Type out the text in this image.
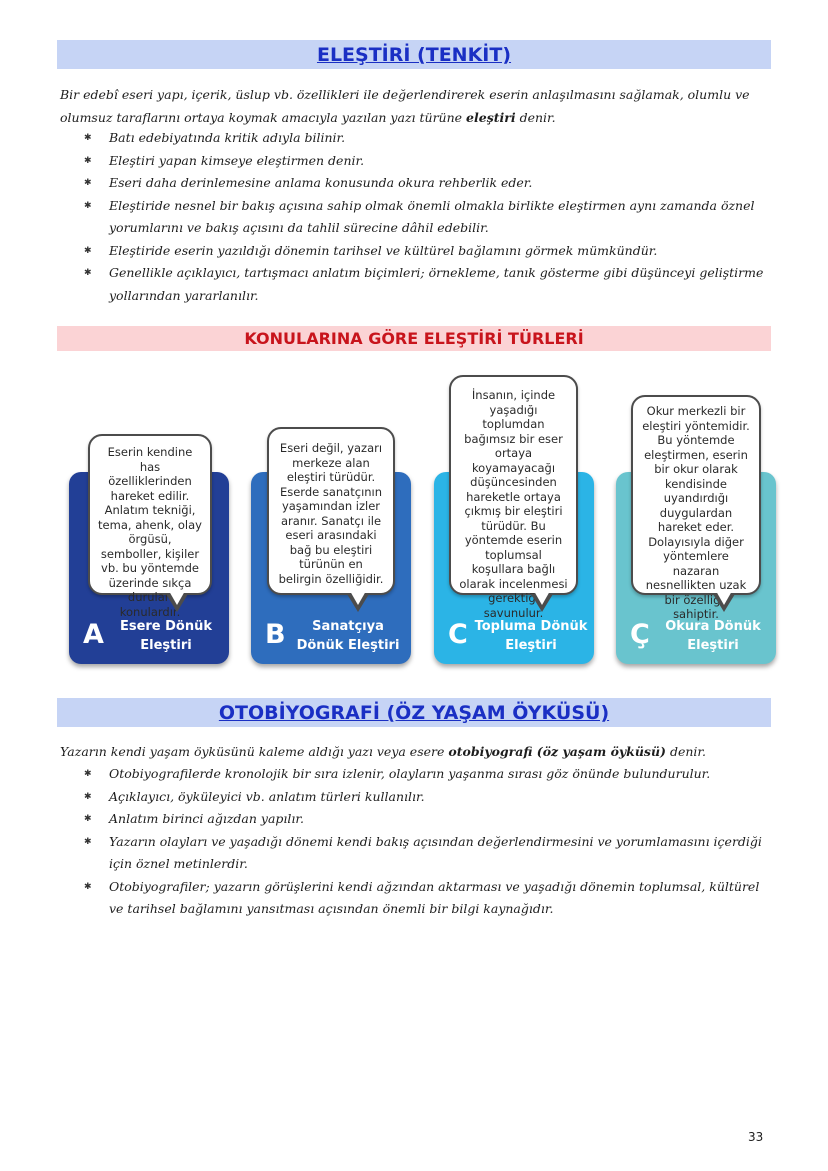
ELEŞTİRİ (TENKİT)

Bir edebî eseri yapı, içerik, üslup vb. özellikleri ile değerlendirerek eserin anlaşılmasını sağlamak, olumlu ve olumsuz taraflarını ortaya koymak amacıyla yazılan yazı türüne eleştiri denir.

✱ Batı edebiyatında kritik adıyla bilinir.
✱ Eleştiri yapan kimseye eleştirmen denir.
✱ Eseri daha derinlemesine anlama konusunda okura rehberlik eder.
✱ Eleştiride nesnel bir bakış açısına sahip olmak önemli olmakla birlikte eleştirmen aynı zamanda öznel yorumlarını ve bakış açısını da tahlil sürecine dâhil edebilir.
✱ Eleştiride eserin yazıldığı dönemin tarihsel ve kültürel bağlamını görmek mümkündür.
✱ Genellikle açıklayıcı, tartışmacı anlatım biçimleri; örnekleme, tanık gösterme gibi düşünceyi geliştirme yollarından yararlanılır.
KONULARINA GÖRE ELEŞTİRİ TÜRLERİ
A	Esere Dönük Eleştiri	B	Sanatçıya Dönük Eleştiri C Topluma Dönük Eleştiri	Ç	Okura Dönük Eleştiri
Eserin kendine has özelliklerinden hareket edilir. Anlatım tekniği, tema, ahenk, olay örgüsü, semboller, kişiler vb. bu yöntemde üzerinde sıkça durulan konulardır.
Eseri değil, yazarı merkeze alan eleştiri türüdür. Eserde sanatçının yaşamından izler aranır. Sanatçı ile eseri arasındaki bağ bu eleştiri türünün en belirgin özelliğidir.
İnsanın, içinde yaşadığı toplumdan bağımsız bir eser ortaya koyamayacağı düşüncesinden hareketle ortaya çıkmış bir eleştiri türüdür. Bu yöntemde eserin toplumsal koşullara bağlı olarak incelenmesi gerektiği savunulur.
Okur merkezli bir eleştiri yöntemidir. Bu yöntemde eleştirmen, eserin bir okur olarak kendisinde uyandırdığı duygulardan hareket eder. Dolayısıyla diğer yöntemlere nazaran nesnellikten uzak bir özelliğe sahiptir.
OTOBİYOGRAFİ (ÖZ YAŞAM ÖYKÜSÜ)

Yazarın kendi yaşam öyküsünü kaleme aldığı yazı veya esere otobiyografi (öz yaşam öyküsü) denir.

✱ Otobiyografilerde kronolojik bir sıra izlenir, olayların yaşanma sırası göz önünde bulundurulur.
✱ Açıklayıcı, öyküleyici vb. anlatım türleri kullanılır.
✱ Anlatım birinci ağızdan yapılır.
✱ Yazarın olayları ve yaşadığı dönemi kendi bakış açısından değerlendirmesini ve yorumlamasını içerdiği için öznel metinlerdir.
✱ Otobiyografiler; yazarın görüşlerini kendi ağzından aktarması ve yaşadığı dönemin toplumsal, kültürel ve tarihsel bağlamını yansıtması açısından önemli bir bilgi kaynağıdır.
33
